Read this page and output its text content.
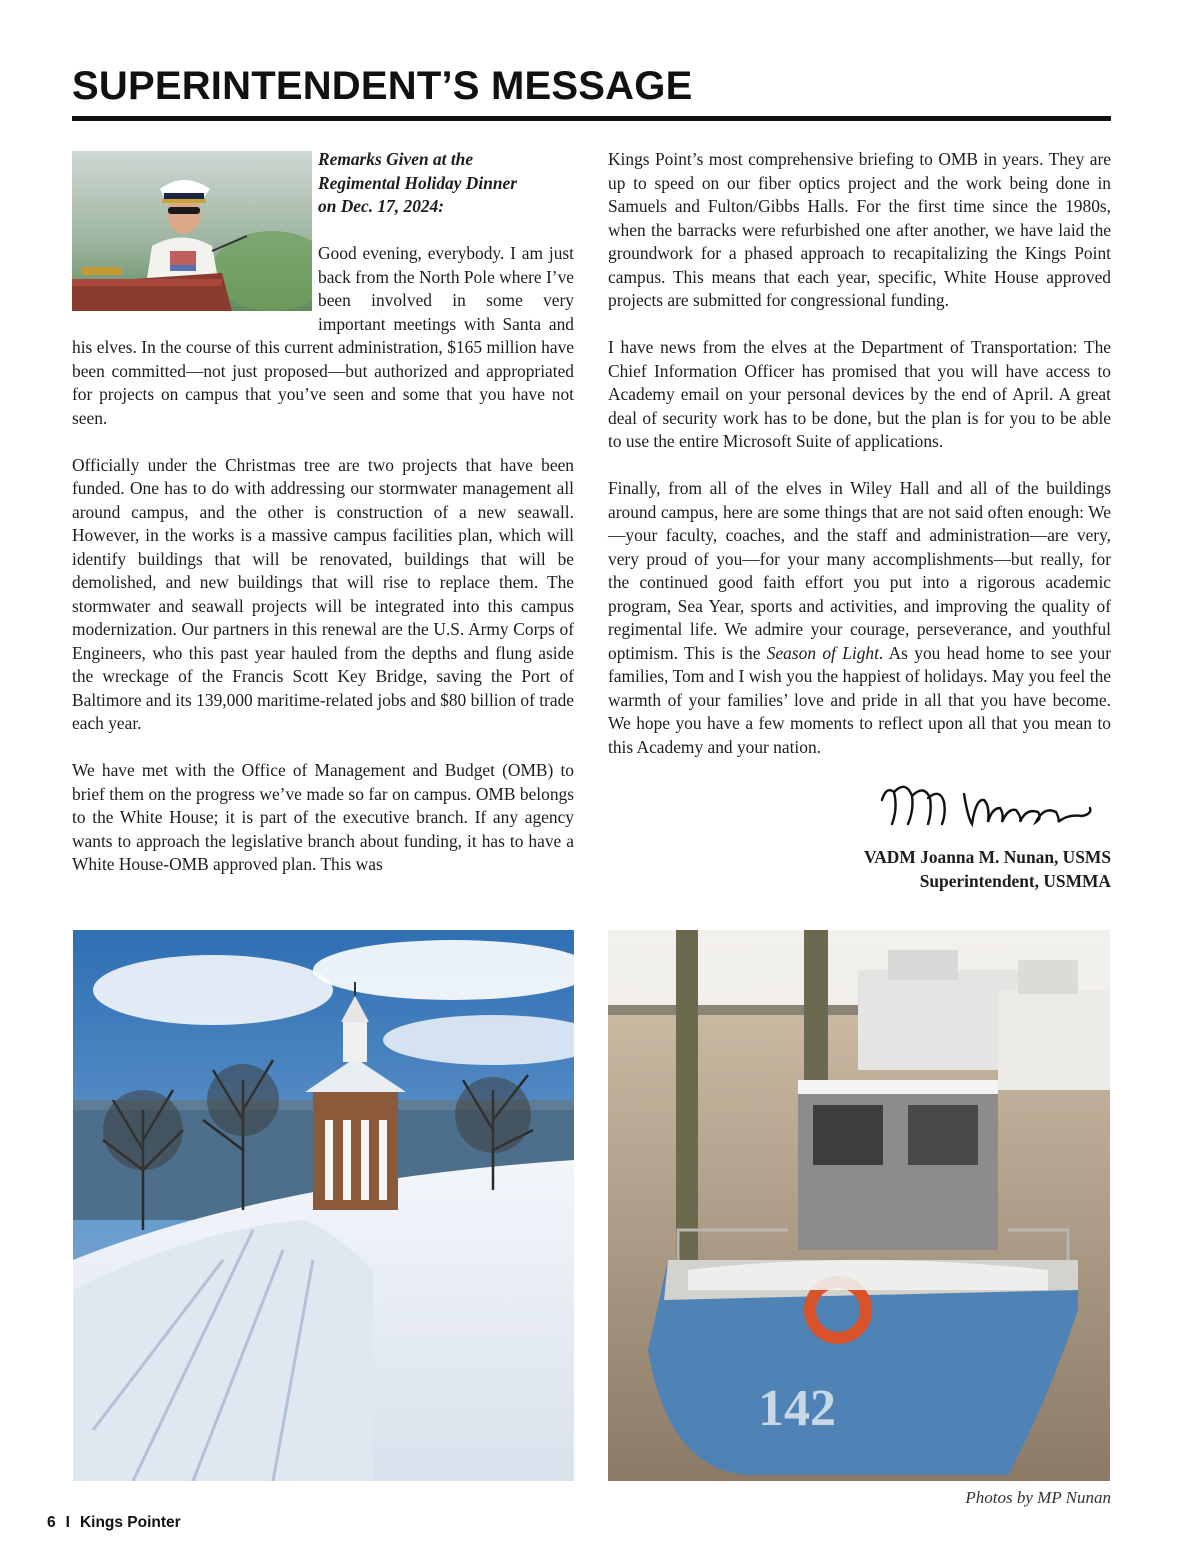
SUPERINTENDENT’S MESSAGE

Remarks Given at the
Regimental Holiday Dinner
on Dec. 17, 2024:

Good evening, everybody. I am just back from the North Pole where I’ve been involved in some very important meetings with Santa and his elves. In the course of this current administration, $165 million have been committed—not just proposed—but authorized and appropriated for projects on campus that you’ve seen and some that you have not seen.

Officially under the Christmas tree are two projects that have been funded. One has to do with addressing our stormwater management all around campus, and the other is construction of a new seawall. However, in the works is a massive campus facilities plan, which will identify buildings that will be renovated, buildings that will be demolished, and new buildings that will rise to replace them. The stormwater and seawall projects will be integrated into this campus modernization. Our partners in this renewal are the U.S. Army Corps of Engineers, who this past year hauled from the depths and flung aside the wreckage of the Francis Scott Key Bridge, saving the Port of Baltimore and its 139,000 maritime-related jobs and $80 billion of trade each year.

We have met with the Office of Management and Budget (OMB) to brief them on the progress we’ve made so far on campus. OMB belongs to the White House; it is part of the executive branch. If any agency wants to approach the legislative branch about funding, it has to have a White House-OMB approved plan. This was

Kings Point’s most comprehensive briefing to OMB in years. They are up to speed on our fiber optics project and the work being done in Samuels and Fulton/Gibbs Halls. For the first time since the 1980s, when the barracks were refurbished one after another, we have laid the groundwork for a phased approach to recapitalizing the Kings Point campus. This means that each year, specific, White House approved projects are submitted for congressional funding.

I have news from the elves at the Department of Transportation: The Chief Information Officer has promised that you will have access to Academy email on your personal devices by the end of April. A great deal of security work has to be done, but the plan is for you to be able to use the entire Microsoft Suite of applications.

Finally, from all of the elves in Wiley Hall and all of the buildings around campus, here are some things that are not said often enough: We—your faculty, coaches, and the staff and administration—are very, very proud of you—for your many accomplishments—but really, for the continued good faith effort you put into a rigorous academic program, Sea Year, sports and activities, and improving the quality of regimental life. We admire your courage, perseverance, and youthful optimism. This is the Season of Light. As you head home to see your families, Tom and I wish you the happiest of holidays. May you feel the warmth of your families’ love and pride in all that you have become. We hope you have a few moments to reflect upon all that you mean to this Academy and your nation.

VADM Joanna M. Nunan, USMS
Superintendent, USMMA
142
Photos by MP Nunan
6 I Kings Pointer
